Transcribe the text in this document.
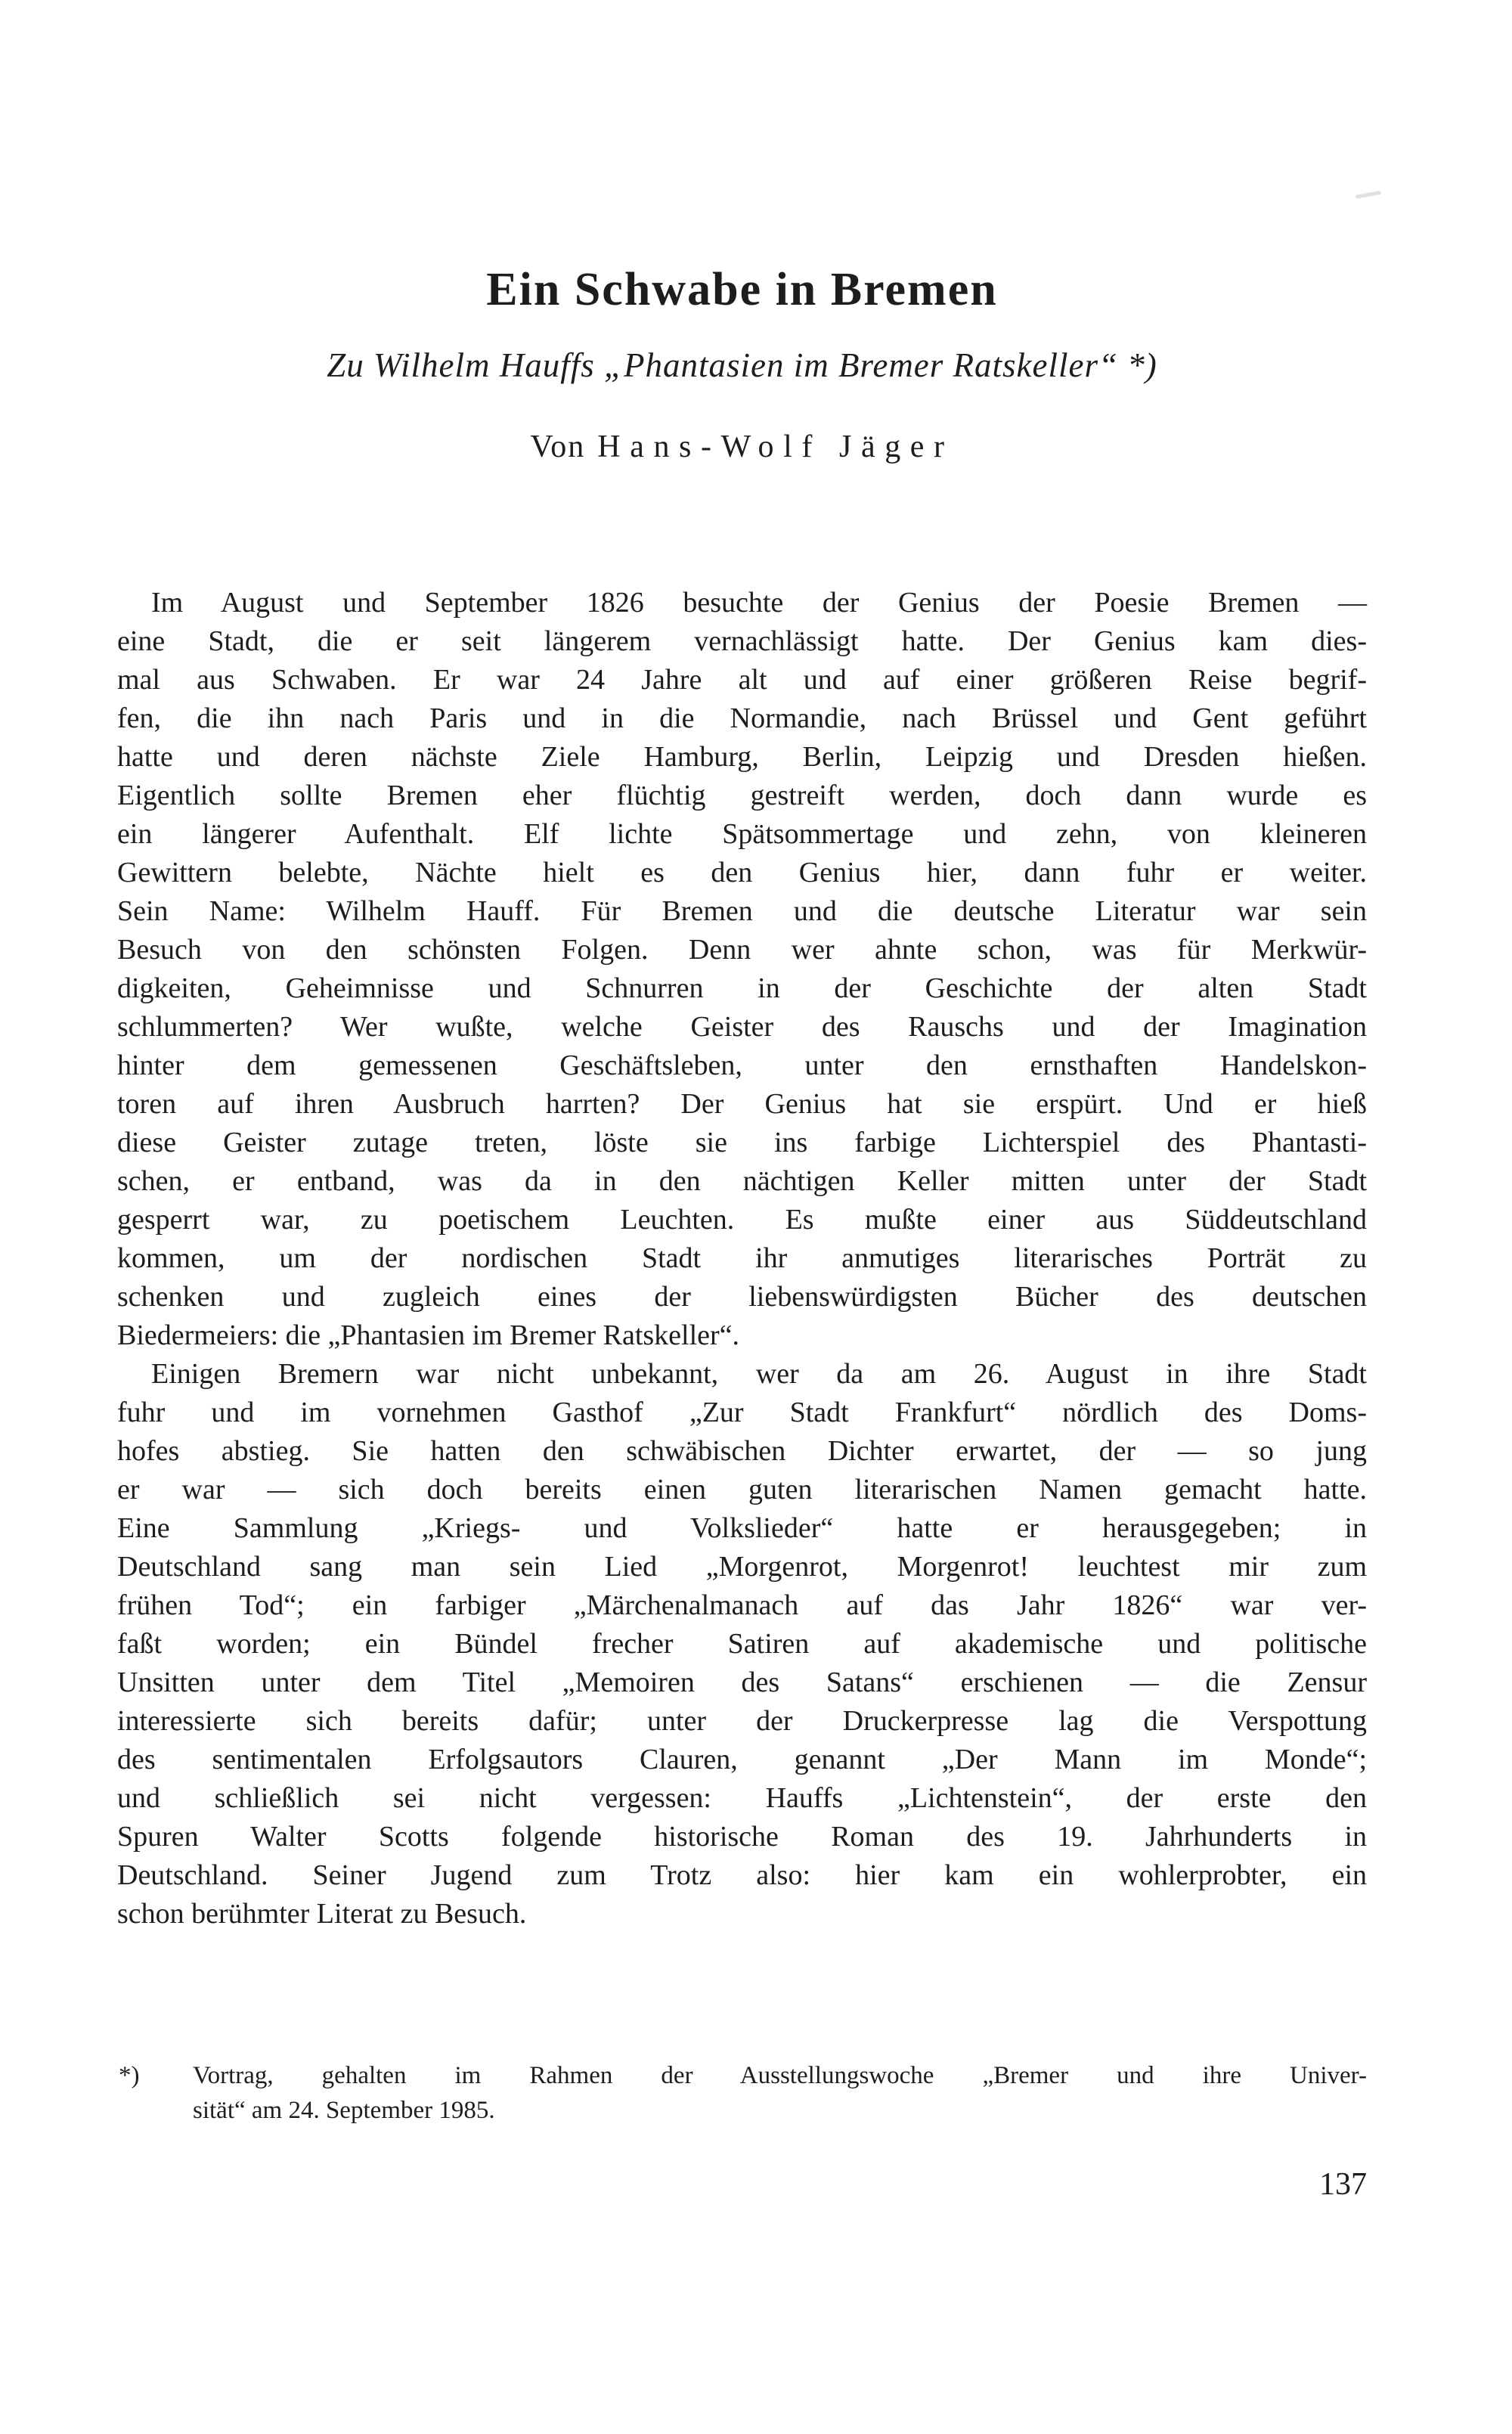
Ein Schwabe in Bremen
Zu Wilhelm Hauffs „Phantasien im Bremer Ratskeller“ *)
Von Hans-Wolf Jäger
Im August und September 1826 besuchte der Genius der Poesie Bremen —
eine Stadt, die er seit längerem vernachlässigt hatte. Der Genius kam dies-
mal aus Schwaben. Er war 24 Jahre alt und auf einer größeren Reise begrif-
fen, die ihn nach Paris und in die Normandie, nach Brüssel und Gent geführt
hatte und deren nächste Ziele Hamburg, Berlin, Leipzig und Dresden hießen.
Eigentlich sollte Bremen eher flüchtig gestreift werden, doch dann wurde es
ein längerer Aufenthalt. Elf lichte Spätsommertage und zehn, von kleineren
Gewittern belebte, Nächte hielt es den Genius hier, dann fuhr er weiter.
Sein Name: Wilhelm Hauff. Für Bremen und die deutsche Literatur war sein
Besuch von den schönsten Folgen. Denn wer ahnte schon, was für Merkwür-
digkeiten, Geheimnisse und Schnurren in der Geschichte der alten Stadt
schlummerten? Wer wußte, welche Geister des Rauschs und der Imagination
hinter dem gemessenen Geschäftsleben, unter den ernsthaften Handelskon-
toren auf ihren Ausbruch harrten? Der Genius hat sie erspürt. Und er hieß
diese Geister zutage treten, löste sie ins farbige Lichterspiel des Phantasti-
schen, er entband, was da in den nächtigen Keller mitten unter der Stadt
gesperrt war, zu poetischem Leuchten. Es mußte einer aus Süddeutschland
kommen, um der nordischen Stadt ihr anmutiges literarisches Porträt zu
schenken und zugleich eines der liebenswürdigsten Bücher des deutschen
Biedermeiers: die „Phantasien im Bremer Ratskeller“.
Einigen Bremern war nicht unbekannt, wer da am 26. August in ihre Stadt
fuhr und im vornehmen Gasthof „Zur Stadt Frankfurt“ nördlich des Doms-
hofes abstieg. Sie hatten den schwäbischen Dichter erwartet, der — so jung
er war — sich doch bereits einen guten literarischen Namen gemacht hatte.
Eine Sammlung „Kriegs- und Volkslieder“ hatte er herausgegeben; in
Deutschland sang man sein Lied „Morgenrot, Morgenrot! leuchtest mir zum
frühen Tod“; ein farbiger „Märchenalmanach auf das Jahr 1826“ war ver-
faßt worden; ein Bündel frecher Satiren auf akademische und politische
Unsitten unter dem Titel „Memoiren des Satans“ erschienen — die Zensur
interessierte sich bereits dafür; unter der Druckerpresse lag die Verspottung
des sentimentalen Erfolgsautors Clauren, genannt „Der Mann im Monde“;
und schließlich sei nicht vergessen: Hauffs „Lichtenstein“, der erste den
Spuren Walter Scotts folgende historische Roman des 19. Jahrhunderts in
Deutschland. Seiner Jugend zum Trotz also: hier kam ein wohlerprobter, ein
schon berühmter Literat zu Besuch.
*) Vortrag, gehalten im Rahmen der Ausstellungswoche „Bremer und ihre Univer-
sität“ am 24. September 1985.
137
